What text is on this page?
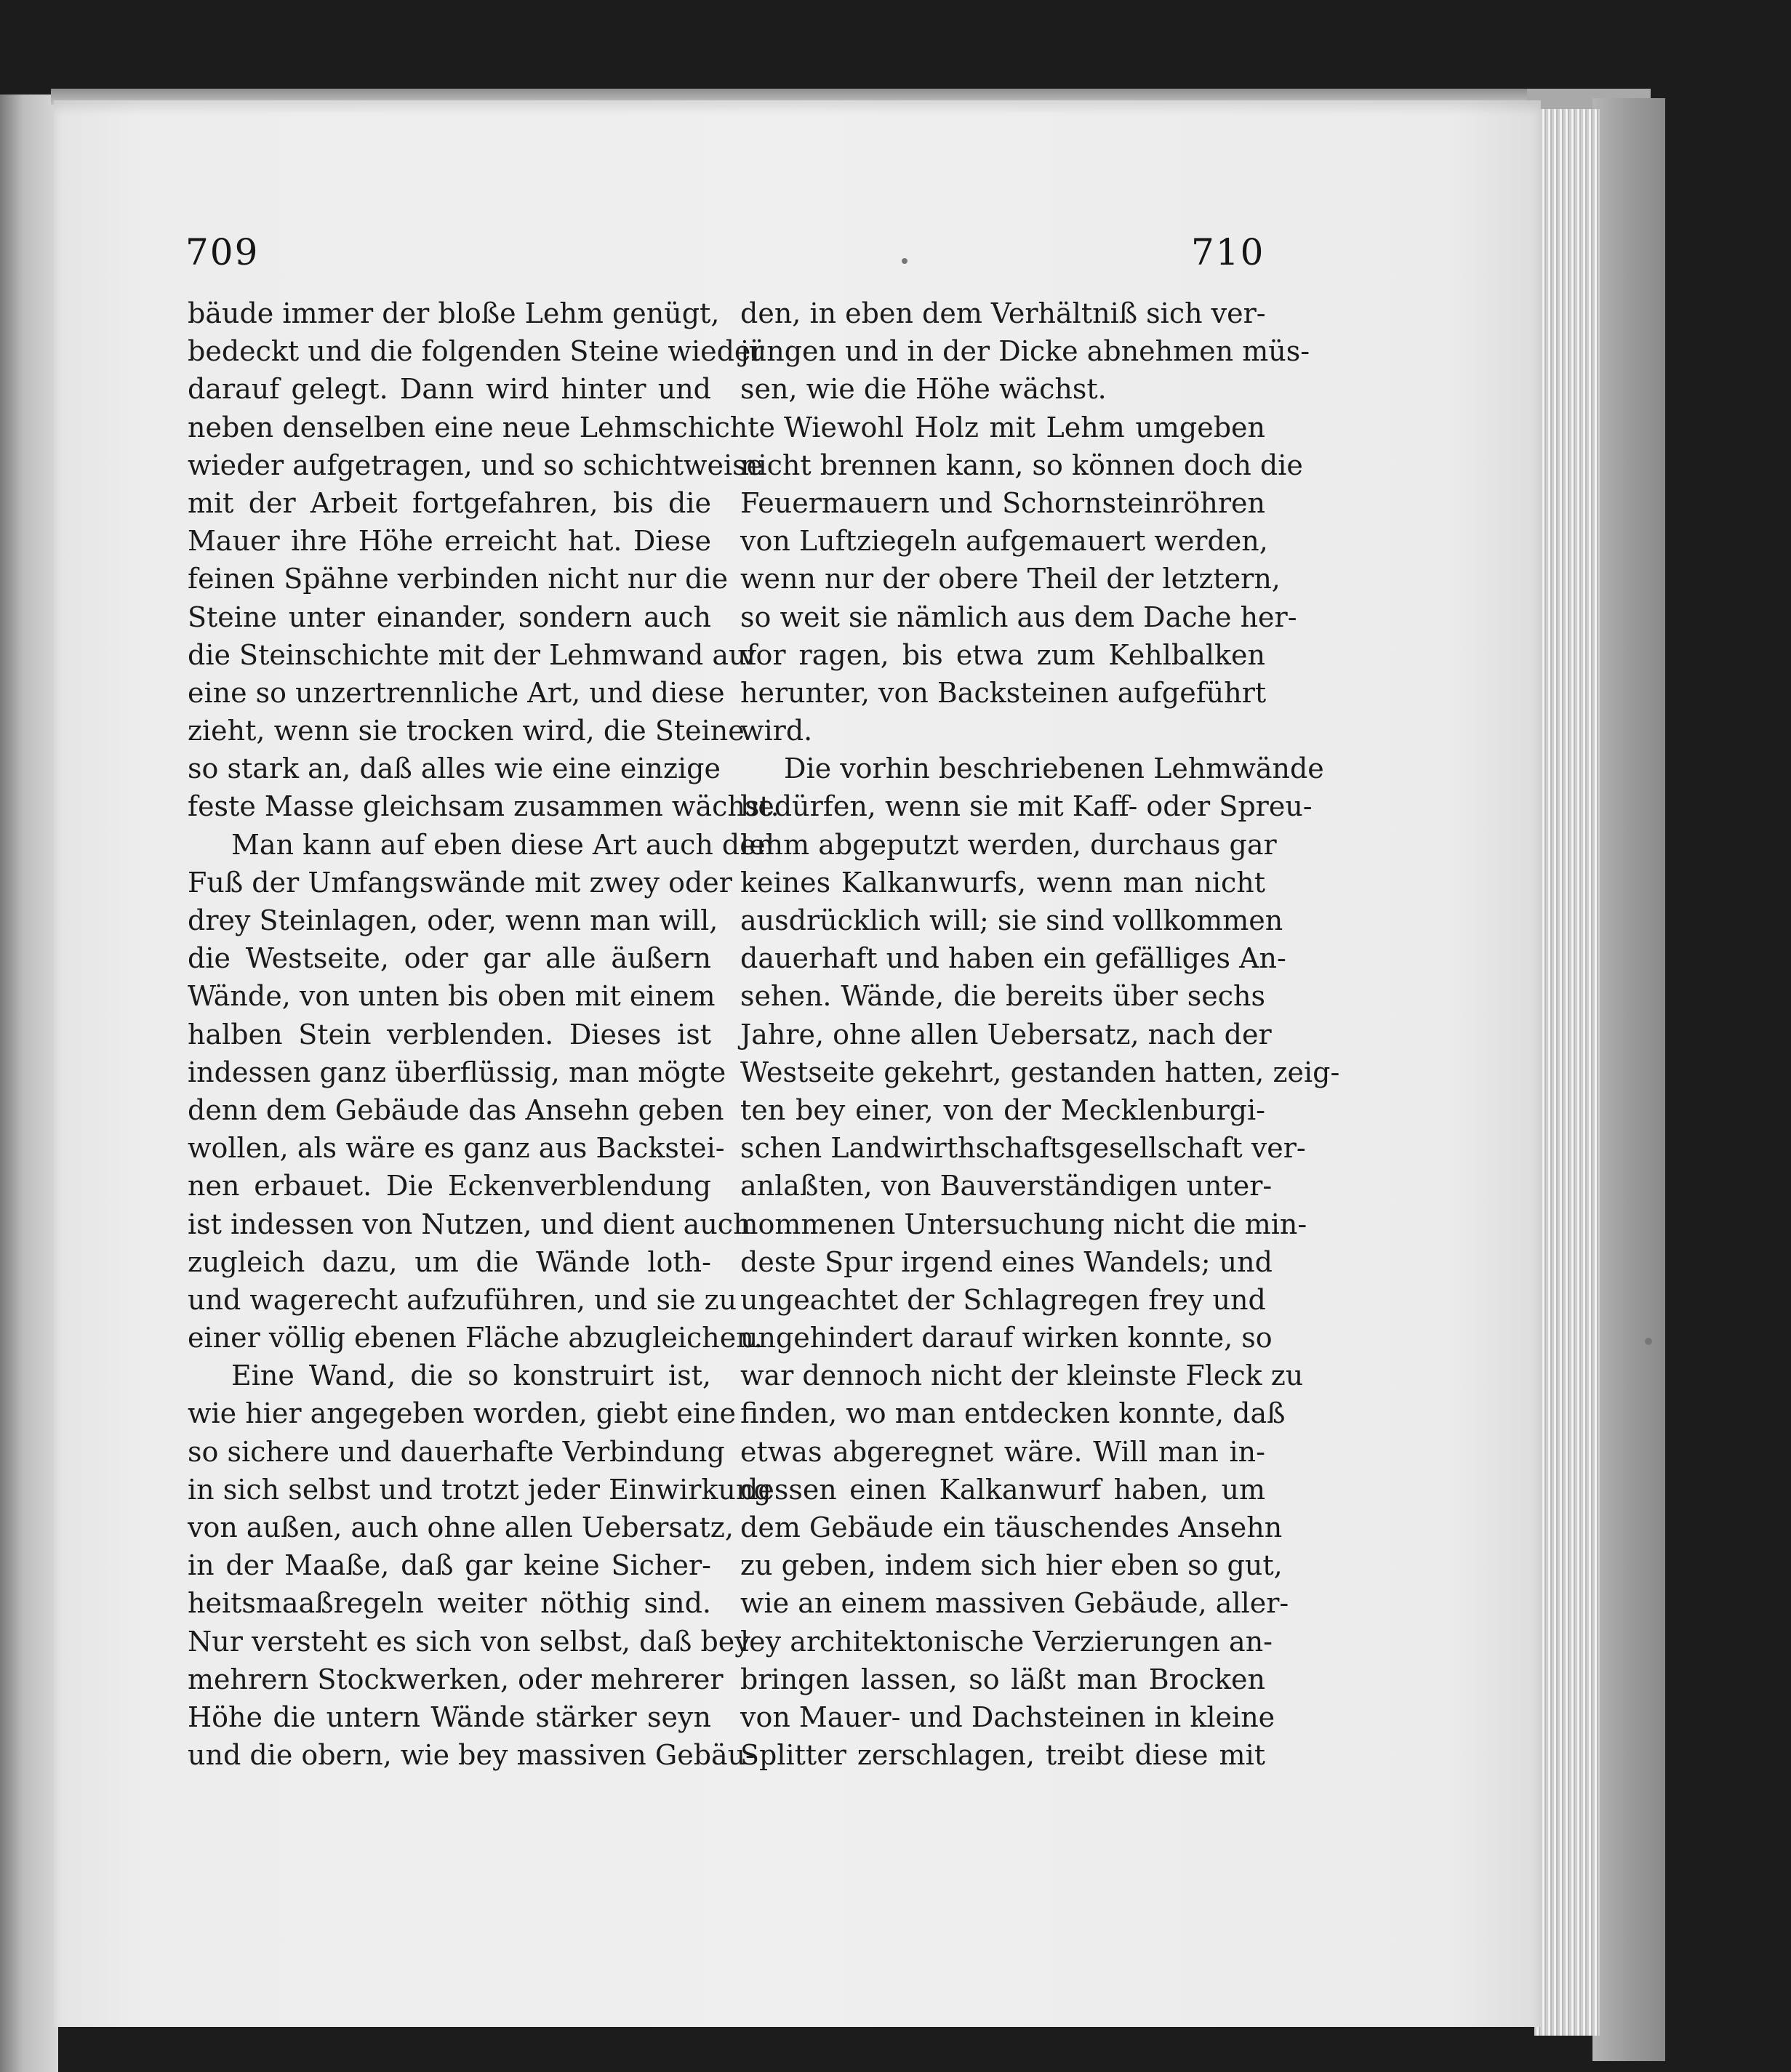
709	710
bäude immer der bloße Lehm genügt,
bedeckt und die folgenden Steine wieder
darauf gelegt. Dann wird hinter und
neben denselben eine neue Lehmschichte
wieder aufgetragen, und so schichtweise
mit der Arbeit fortgefahren, bis die
Mauer ihre Höhe erreicht hat. Diese
feinen Spähne verbinden nicht nur die
Steine unter einander, sondern auch
die Steinschichte mit der Lehmwand auf
eine so unzertrennliche Art, und diese
zieht, wenn sie trocken wird, die Steine
so stark an, daß alles wie eine einzige
feste Masse gleichsam zusammen wächst.
Man kann auf eben diese Art auch den
Fuß der Umfangswände mit zwey oder
drey Steinlagen, oder, wenn man will,
die Westseite, oder gar alle äußern
Wände, von unten bis oben mit einem
halben Stein verblenden. Dieses ist
indessen ganz überflüssig, man mögte
denn dem Gebäude das Ansehn geben
wollen, als wäre es ganz aus Backstei-
nen erbauet. Die Eckenverblendung
ist indessen von Nutzen, und dient auch
zugleich dazu, um die Wände loth-
und wagerecht aufzuführen, und sie zu
einer völlig ebenen Fläche abzugleichen.
Eine Wand, die so konstruirt ist,
wie hier angegeben worden, giebt eine
so sichere und dauerhafte Verbindung
in sich selbst und trotzt jeder Einwirkung
von außen, auch ohne allen Uebersatz,
in der Maaße, daß gar keine Sicher-
heitsmaaßregeln weiter nöthig sind.
Nur versteht es sich von selbst, daß bey
mehrern Stockwerken, oder mehrerer
Höhe die untern Wände stärker seyn
und die obern, wie bey massiven Gebäu-
den, in eben dem Verhältniß sich ver-
jüngen und in der Dicke abnehmen müs-
sen, wie die Höhe wächst.
Wiewohl Holz mit Lehm umgeben
nicht brennen kann, so können doch die
Feuermauern und Schornsteinröhren
von Luftziegeln aufgemauert werden,
wenn nur der obere Theil der letztern,
so weit sie nämlich aus dem Dache her-
vor ragen, bis etwa zum Kehlbalken
herunter, von Backsteinen aufgeführt
wird.
Die vorhin beschriebenen Lehmwände
bedürfen, wenn sie mit Kaff- oder Spreu-
lehm abgeputzt werden, durchaus gar
keines Kalkanwurfs, wenn man nicht
ausdrücklich will; sie sind vollkommen
dauerhaft und haben ein gefälliges An-
sehen. Wände, die bereits über sechs
Jahre, ohne allen Uebersatz, nach der
Westseite gekehrt, gestanden hatten, zeig-
ten bey einer, von der Mecklenburgi-
schen Landwirthschaftsgesellschaft ver-
anlaßten, von Bauverständigen unter-
nommenen Untersuchung nicht die min-
deste Spur irgend eines Wandels; und
ungeachtet der Schlagregen frey und
ungehindert darauf wirken konnte, so
war dennoch nicht der kleinste Fleck zu
finden, wo man entdecken konnte, daß
etwas abgeregnet wäre. Will man in-
dessen einen Kalkanwurf haben, um
dem Gebäude ein täuschendes Ansehn
zu geben, indem sich hier eben so gut,
wie an einem massiven Gebäude, aller-
ley architektonische Verzierungen an-
bringen lassen, so läßt man Brocken
von Mauer- und Dachsteinen in kleine
Splitter zerschlagen, treibt diese mit
